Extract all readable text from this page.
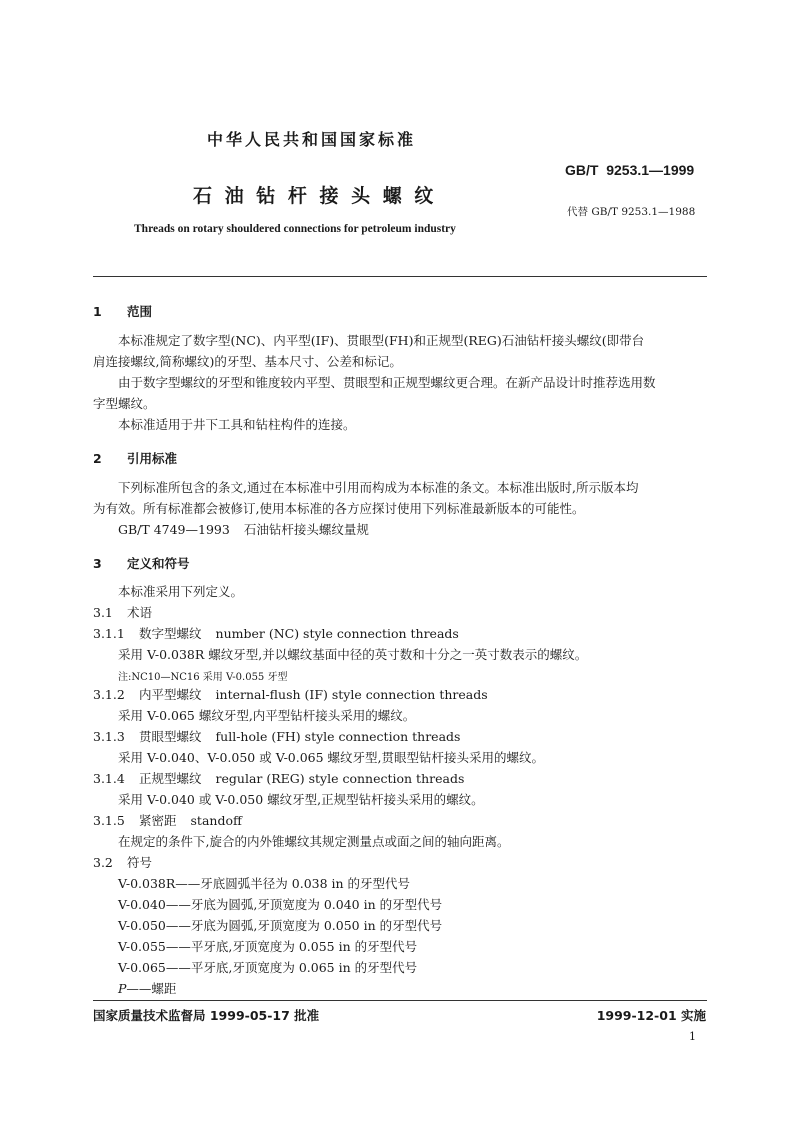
中华人民共和国国家标准
GB/T  9253.1—1999
石 油 钻 杆 接 头 螺 纹
代替 GB/T 9253.1—1988
Threads on rotary shouldered connections for petroleum industry
1 范围
本标准规定了数字型(NC)、内平型(IF)、贯眼型(FH)和正规型(REG)石油钻杆接头螺纹(即带台
肩连接螺纹,简称螺纹)的牙型、基本尺寸、公差和标记。
由于数字型螺纹的牙型和锥度较内平型、贯眼型和正规型螺纹更合理。在新产品设计时推荐选用数
字型螺纹。
本标准适用于井下工具和钻柱构件的连接。
2 引用标准
下列标准所包含的条文,通过在本标准中引用而构成为本标准的条文。本标准出版时,所示版本均
为有效。所有标准都会被修订,使用本标准的各方应探讨使用下列标准最新版本的可能性。
GB/T 4749—1993 石油钻杆接头螺纹量规
3 定义和符号
本标准采用下列定义。
3.1 术语
3.1.1 数字型螺纹 number (NC) style connection threads
采用 V-0.038R 螺纹牙型,并以螺纹基面中径的英寸数和十分之一英寸数表示的螺纹。
注:NC10—NC16 采用 V-0.055 牙型
3.1.2 内平型螺纹 internal-flush (IF) style connection threads
采用 V-0.065 螺纹牙型,内平型钻杆接头采用的螺纹。
3.1.3 贯眼型螺纹 full-hole (FH) style connection threads
采用 V-0.040、V-0.050 或 V-0.065 螺纹牙型,贯眼型钻杆接头采用的螺纹。
3.1.4 正规型螺纹 regular (REG) style connection threads
采用 V-0.040 或 V-0.050 螺纹牙型,正规型钻杆接头采用的螺纹。
3.1.5 紧密距 standoff
在规定的条件下,旋合的内外锥螺纹其规定测量点或面之间的轴向距离。
3.2 符号
V-0.038R——牙底圆弧半径为 0.038 in 的牙型代号
V-0.040——牙底为圆弧,牙顶宽度为 0.040 in 的牙型代号
V-0.050——牙底为圆弧,牙顶宽度为 0.050 in 的牙型代号
V-0.055——平牙底,牙顶宽度为 0.055 in 的牙型代号
V-0.065——平牙底,牙顶宽度为 0.065 in 的牙型代号
P——螺距
国家质量技术监督局 1999-05-17 批准	1999-12-01 实施
1
